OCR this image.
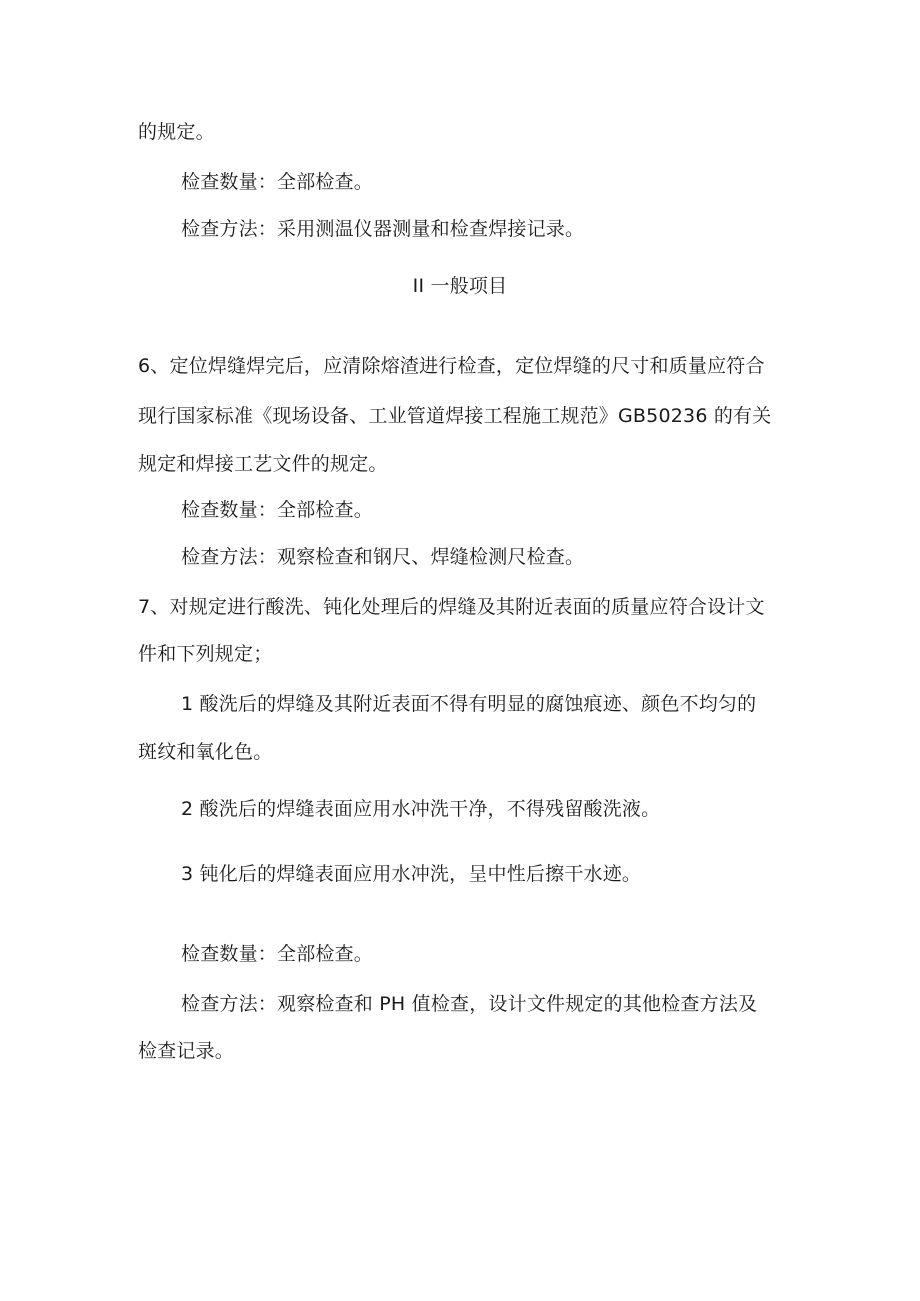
的规定。
检查数量：全部检查。
检查方法：采用测温仪器测量和检查焊接记录。
II 一般项目
6、定位焊缝焊完后，应清除熔渣进行检查，定位焊缝的尺寸和质量应符合
现行国家标准《现场设备、工业管道焊接工程施工规范》GB50236 的有关
规定和焊接工艺文件的规定。
检查数量：全部检查。
检查方法：观察检查和钢尺、焊缝检测尺检查。
7、对规定进行酸洗、钝化处理后的焊缝及其附近表面的质量应符合设计文
件和下列规定；
1 酸洗后的焊缝及其附近表面不得有明显的腐蚀痕迹、颜色不均匀的
斑纹和氧化色。
2 酸洗后的焊缝表面应用水冲洗干净，不得残留酸洗液。
3 钝化后的焊缝表面应用水冲洗，呈中性后擦干水迹。
检查数量：全部检查。
检查方法：观察检查和 PH 值检查，设计文件规定的其他检查方法及
检查记录。
